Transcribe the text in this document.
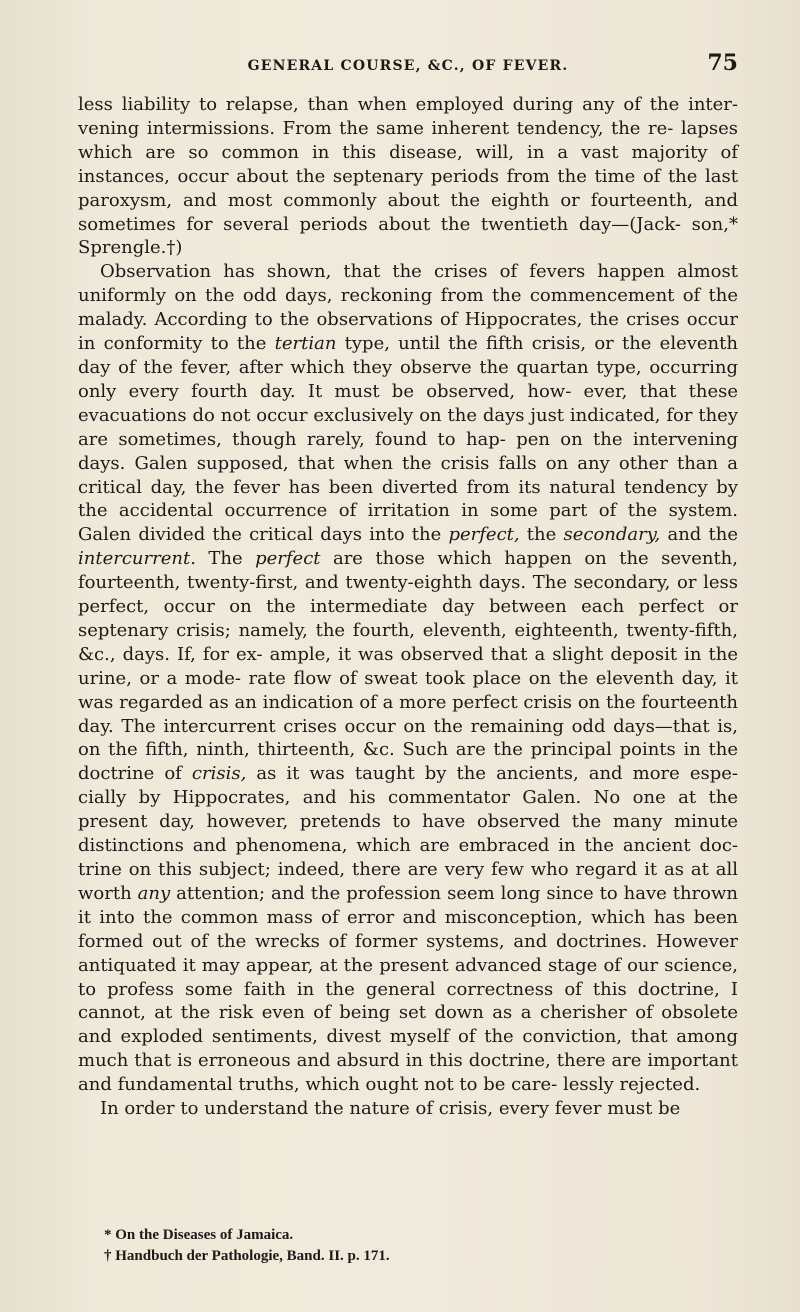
GENERAL COURSE, &C., OF FEVER.	75

less liability to relapse, than when employed during any of the inter- vening intermissions. From the same inherent tendency, the re- lapses which are so common in this disease, will, in a vast majority of instances, occur about the septenary periods from the time of the last paroxysm, and most commonly about the eighth or fourteenth, and sometimes for several periods about the twentieth day—(Jack- son,* Sprengle.†)

Observation has shown, that the crises of fevers happen almost uniformly on the odd days, reckoning from the commencement of the malady. According to the observations of Hippocrates, the crises occur in conformity to the tertian type, until the fifth crisis, or the eleventh day of the fever, after which they observe the quartan type, occurring only every fourth day. It must be observed, how- ever, that these evacuations do not occur exclusively on the days just indicated, for they are sometimes, though rarely, found to hap- pen on the intervening days. Galen supposed, that when the crisis falls on any other than a critical day, the fever has been diverted from its natural tendency by the accidental occurrence of irritation in some part of the system. Galen divided the critical days into the perfect, the secondary, and the intercurrent. The perfect are those which happen on the seventh, fourteenth, twenty-first, and twenty-eighth days. The secondary, or less perfect, occur on the intermediate day between each perfect or septenary crisis; namely, the fourth, eleventh, eighteenth, twenty-fifth, &c., days. If, for ex- ample, it was observed that a slight deposit in the urine, or a mode- rate flow of sweat took place on the eleventh day, it was regarded as an indication of a more perfect crisis on the fourteenth day. The intercurrent crises occur on the remaining odd days—that is, on the fifth, ninth, thirteenth, &c. Such are the principal points in the doctrine of crisis, as it was taught by the ancients, and more espe- cially by Hippocrates, and his commentator Galen. No one at the present day, however, pretends to have observed the many minute distinctions and phenomena, which are embraced in the ancient doc- trine on this subject; indeed, there are very few who regard it as at all worth any attention; and the profession seem long since to have thrown it into the common mass of error and misconception, which has been formed out of the wrecks of former systems, and doctrines. However antiquated it may appear, at the present advanced stage of our science, to profess some faith in the general correctness of this doctrine, I cannot, at the risk even of being set down as a cherisher of obsolete and exploded sentiments, divest myself of the conviction, that among much that is erroneous and absurd in this doctrine, there are important and fundamental truths, which ought not to be care- lessly rejected.

In order to understand the nature of crisis, every fever must be

* On the Diseases of Jamaica.

† Handbuch der Pathologie, Band. II. p. 171.
